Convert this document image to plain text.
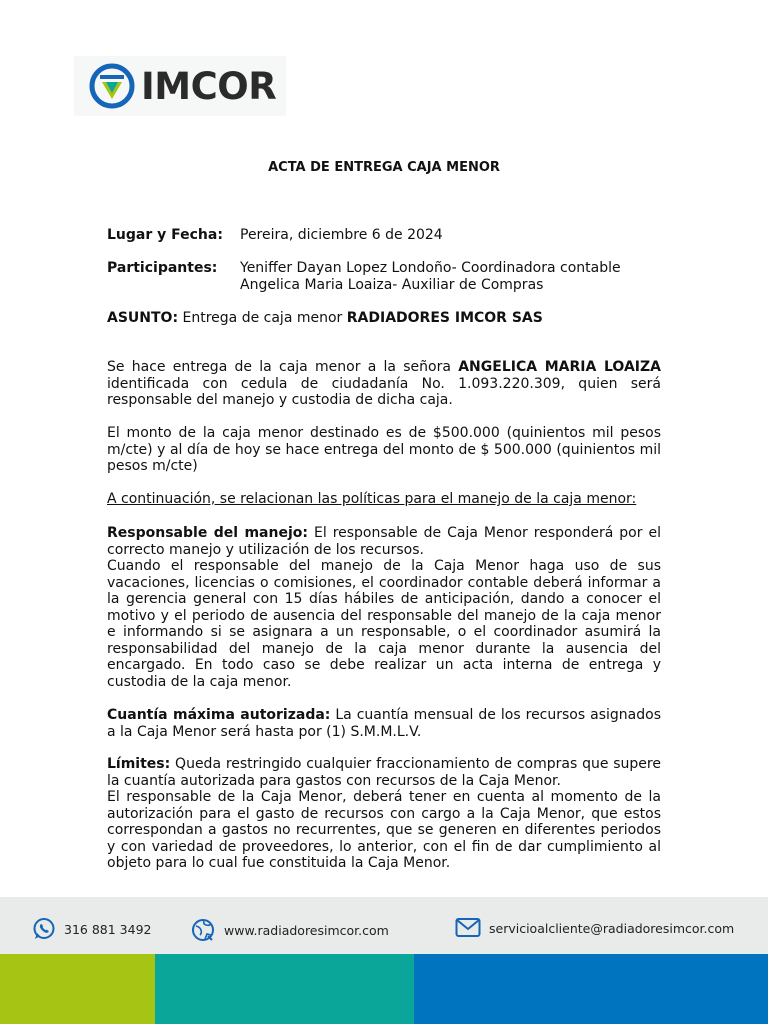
IMCOR
ACTA DE ENTREGA CAJA MENOR
Lugar y Fecha: Pereira, diciembre 6 de 2024
Participantes: Yeniffer Dayan Lopez Londoño- Coordinadora contable
Angelica Maria Loaiza- Auxiliar de Compras
ASUNTO: Entrega de caja menor RADIADORES IMCOR SAS
Se hace entrega de la caja menor a la señora ANGELICA MARIA LOAIZA identificada con cedula de ciudadanía No. 1.093.220.309, quien será responsable del manejo y custodia de dicha caja.
El monto de la caja menor destinado es de $500.000 (quinientos mil pesos m/cte) y al día de hoy se hace entrega del monto de $ 500.000 (quinientos mil pesos m/cte)
A continuación, se relacionan las políticas para el manejo de la caja menor:
Responsable del manejo: El responsable de Caja Menor responderá por el correcto manejo y utilización de los recursos.
Cuando el responsable del manejo de la Caja Menor haga uso de sus vacaciones, licencias o comisiones, el coordinador contable deberá informar a la gerencia general con 15 días hábiles de anticipación, dando a conocer el motivo y el periodo de ausencia del responsable del manejo de la caja menor e informando si se asignara a un responsable, o el coordinador asumirá la responsabilidad del manejo de la caja menor durante la ausencia del encargado. En todo caso se debe realizar un acta interna de entrega y custodia de la caja menor.
Cuantía máxima autorizada: La cuantía mensual de los recursos asignados a la Caja Menor será hasta por (1) S.M.M.L.V.
Límites: Queda restringido cualquier fraccionamiento de compras que supere la cuantía autorizada para gastos con recursos de la Caja Menor.
El responsable de la Caja Menor, deberá tener en cuenta al momento de la autorización para el gasto de recursos con cargo a la Caja Menor, que estos correspondan a gastos no recurrentes, que se generen en diferentes periodos y con variedad de proveedores, lo anterior, con el fin de dar cumplimiento al objeto para lo cual fue constituida la Caja Menor.
316 881 3492	www.radiadoresimcor.com	servicioalcliente@radiadoresimcor.com
